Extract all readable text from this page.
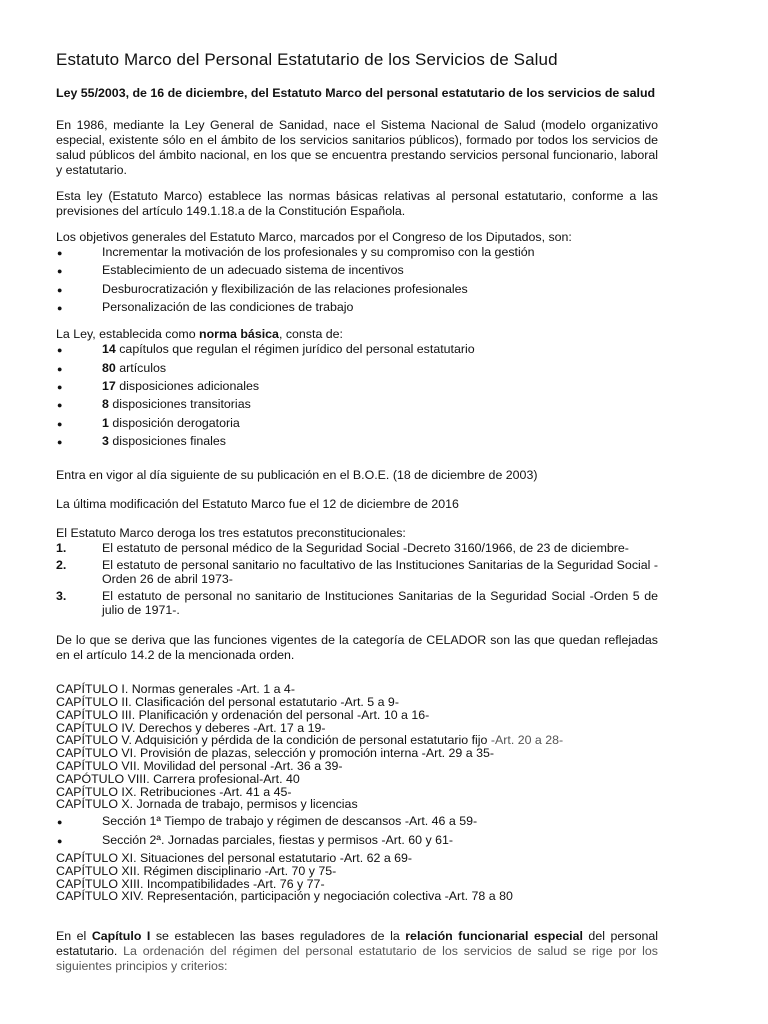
Estatuto Marco del Personal Estatutario de los Servicios de Salud
Ley 55/2003, de 16 de diciembre, del Estatuto Marco del personal estatutario de los servicios de salud

En 1986, mediante la Ley General de Sanidad, nace el Sistema Nacional de Salud (modelo organizativo especial, existente sólo en el ámbito de los servicios sanitarios públicos), formado por todos los servicios de salud públicos del ámbito nacional, en los que se encuentra prestando servicios personal funcionario, laboral y estatutario.

Esta ley (Estatuto Marco) establece las normas básicas relativas al personal estatutario, conforme a las previsiones del artículo 149.1.18.a de la Constitución Española.

Los objetivos generales del Estatuto Marco, marcados por el Congreso de los Diputados, son:

●	Incrementar la motivación de los profesionales y su compromiso con la gestión
●	Establecimiento de un adecuado sistema de incentivos
●	Desburocratización y flexibilización de las relaciones profesionales
●	Personalización de las condiciones de trabajo

La Ley, establecida como norma básica, consta de:

●	14 capítulos que regulan el régimen jurídico del personal estatutario
●	80 artículos
●	17 disposiciones adicionales
●	8 disposiciones transitorias
●	1 disposición derogatoria
●	3 disposiciones finales

Entra en vigor al día siguiente de su publicación en el B.O.E. (18 de diciembre de 2003)

La última modificación del Estatuto Marco fue el 12 de diciembre de 2016

El Estatuto Marco deroga los tres estatutos preconstitucionales:

1.	El estatuto de personal médico de la Seguridad Social -Decreto 3160/1966, de 23 de diciembre-
2.	El estatuto de personal sanitario no facultativo de las Instituciones Sanitarias de la Seguridad Social -Orden 26 de abril 1973-
3.	El estatuto de personal no sanitario de Instituciones Sanitarias de la Seguridad Social -Orden 5 de julio de 1971-.

De lo que se deriva que las funciones vigentes de la categoría de CELADOR son las que quedan reflejadas en el artículo 14.2 de la mencionada orden.

CAPÍTULO I. Normas generales -Art. 1 a 4-
CAPÍTULO II. Clasificación del personal estatutario -Art. 5 a 9-
CAPÍTULO III. Planificación y ordenación del personal -Art. 10 a 16-
CAPÍTULO IV. Derechos y deberes -Art. 17 a 19-
CAPÍTULO V. Adquisición y pérdida de la condición de personal estatutario fijo -Art. 20 a 28-
CAPÍTULO VI. Provisión de plazas, selección y promoción interna -Art. 29 a 35-
CAPÍTULO VII. Movilidad del personal -Art. 36 a 39-
CAPÓTULO VIII. Carrera profesional-Art. 40
CAPÍTULO IX. Retribuciones -Art. 41 a 45-
CAPÍTULO X. Jornada de trabajo, permisos y licencias
●	Sección 1ª Tiempo de trabajo y régimen de descansos -Art. 46 a 59-
●	Sección 2ª. Jornadas parciales, fiestas y permisos -Art. 60 y 61-
CAPÍTULO XI. Situaciones del personal estatutario -Art. 62 a 69-
CAPÍTULO XII. Régimen disciplinario -Art. 70 y 75-
CAPÍTULO XIII. Incompatibilidades -Art. 76 y 77-
CAPÍTULO XIV. Representación, participación y negociación colectiva -Art. 78 a 80

En el Capítulo I se establecen las bases reguladores de la relación funcionarial especial del personal estatutario. La ordenación del régimen del personal estatutario de los servicios de salud se rige por los siguientes principios y criterios:
